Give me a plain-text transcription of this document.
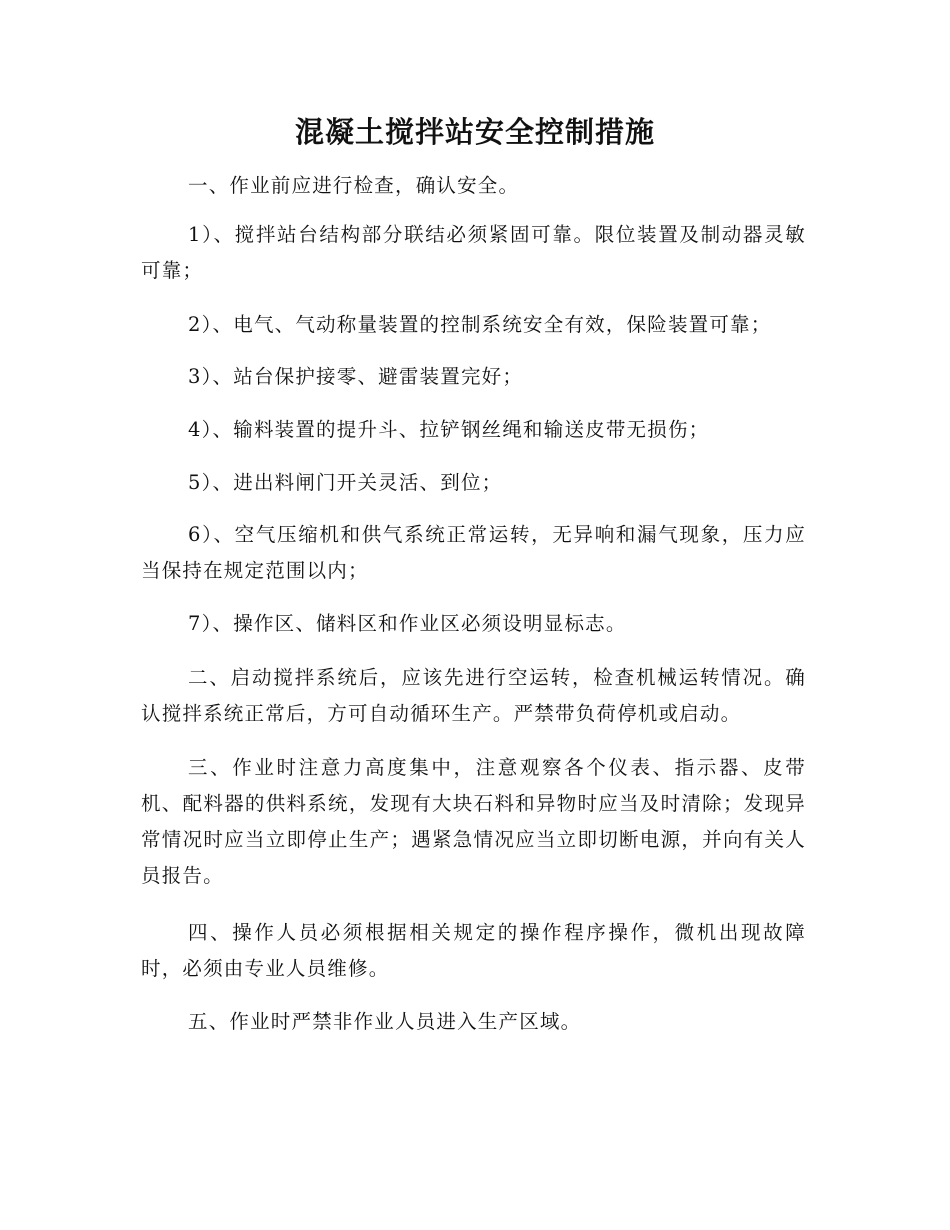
混凝土搅拌站安全控制措施

一、作业前应进行检查，确认安全。

1）、搅拌站台结构部分联结必须紧固可靠。限位装置及制动器灵敏可靠；

2）、电气、气动称量装置的控制系统安全有效，保险装置可靠；

3）、站台保护接零、避雷装置完好；

4）、输料装置的提升斗、拉铲钢丝绳和输送皮带无损伤；

5）、进出料闸门开关灵活、到位；

6）、空气压缩机和供气系统正常运转，无异响和漏气现象，压力应当保持在规定范围以内；

7）、操作区、储料区和作业区必须设明显标志。

二、启动搅拌系统后，应该先进行空运转，检查机械运转情况。确认搅拌系统正常后，方可自动循环生产。严禁带负荷停机或启动。

三、作业时注意力高度集中，注意观察各个仪表、指示器、皮带机、配料器的供料系统，发现有大块石料和异物时应当及时清除；发现异常情况时应当立即停止生产；遇紧急情况应当立即切断电源，并向有关人员报告。

四、操作人员必须根据相关规定的操作程序操作，微机出现故障时，必须由专业人员维修。

五、作业时严禁非作业人员进入生产区域。
